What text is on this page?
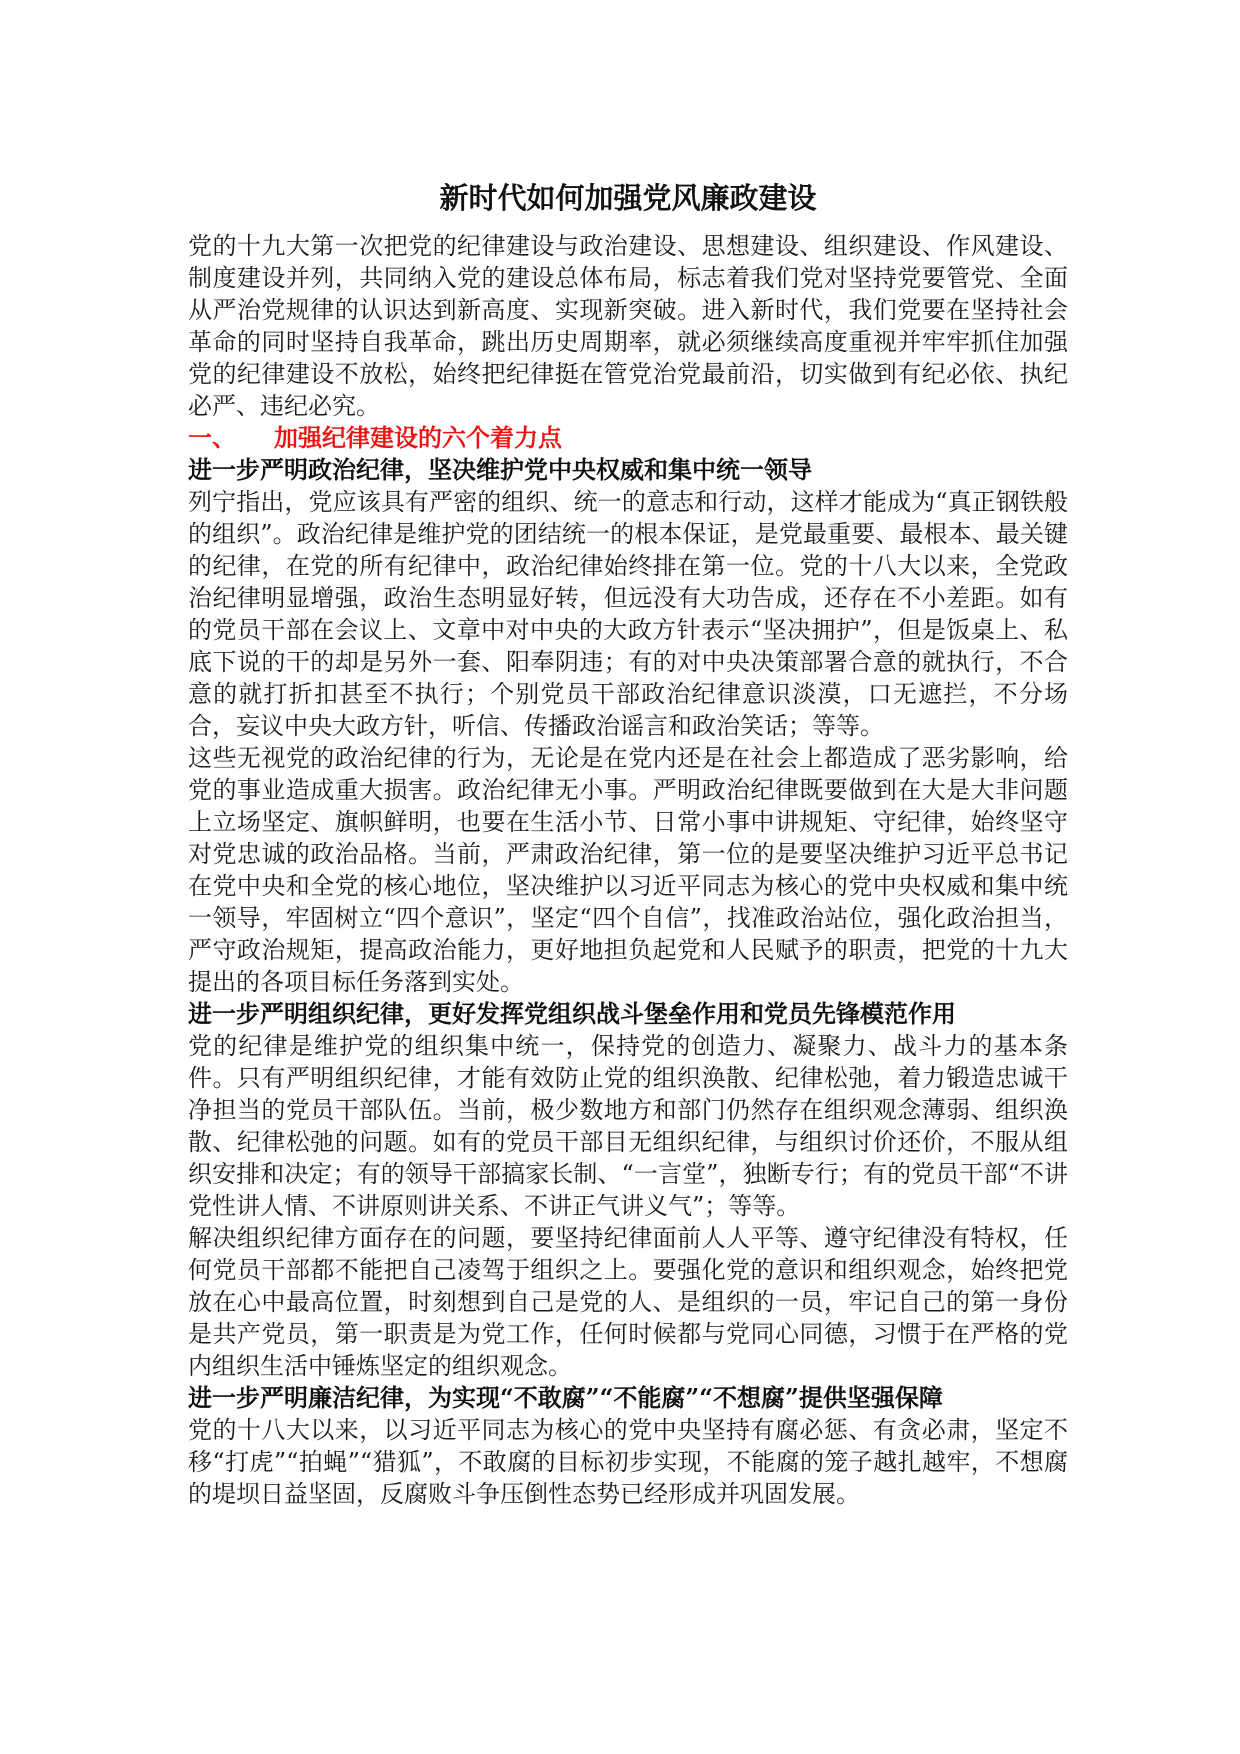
新时代如何加强党风廉政建设

党的十九大第一次把党的纪律建设与政治建设、思想建设、组织建设、作风建设、制度建设并列，共同纳入党的建设总体布局，标志着我们党对坚持党要管党、全面从严治党规律的认识达到新高度、实现新突破。进入新时代，我们党要在坚持社会革命的同时坚持自我革命，跳出历史周期率，就必须继续高度重视并牢牢抓住加强党的纪律建设不放松，始终把纪律挺在管党治党最前沿，切实做到有纪必依、执纪必严、违纪必究。

一、 加强纪律建设的六个着力点

进一步严明政治纪律，坚决维护党中央权威和集中统一领导

列宁指出，党应该具有严密的组织、统一的意志和行动，这样才能成为“真正钢铁般的组织”。政治纪律是维护党的团结统一的根本保证，是党最重要、最根本、最关键的纪律，在党的所有纪律中，政治纪律始终排在第一位。党的十八大以来，全党政治纪律明显增强，政治生态明显好转，但远没有大功告成，还存在不小差距。如有的党员干部在会议上、文章中对中央的大政方针表示“坚决拥护”，但是饭桌上、私底下说的干的却是另外一套、阳奉阴违；有的对中央决策部署合意的就执行，不合意的就打折扣甚至不执行；个别党员干部政治纪律意识淡漠，口无遮拦，不分场合，妄议中央大政方针，听信、传播政治谣言和政治笑话；等等。

这些无视党的政治纪律的行为，无论是在党内还是在社会上都造成了恶劣影响，给党的事业造成重大损害。政治纪律无小事。严明政治纪律既要做到在大是大非问题上立场坚定、旗帜鲜明，也要在生活小节、日常小事中讲规矩、守纪律，始终坚守对党忠诚的政治品格。当前，严肃政治纪律，第一位的是要坚决维护习近平总书记在党中央和全党的核心地位，坚决维护以习近平同志为核心的党中央权威和集中统一领导，牢固树立“四个意识”，坚定“四个自信”，找准政治站位，强化政治担当，严守政治规矩，提高政治能力，更好地担负起党和人民赋予的职责，把党的十九大提出的各项目标任务落到实处。

进一步严明组织纪律，更好发挥党组织战斗堡垒作用和党员先锋模范作用

党的纪律是维护党的组织集中统一，保持党的创造力、凝聚力、战斗力的基本条件。只有严明组织纪律，才能有效防止党的组织涣散、纪律松弛，着力锻造忠诚干净担当的党员干部队伍。当前，极少数地方和部门仍然存在组织观念薄弱、组织涣散、纪律松弛的问题。如有的党员干部目无组织纪律，与组织讨价还价，不服从组织安排和决定；有的领导干部搞家长制、“一言堂”，独断专行；有的党员干部“不讲党性讲人情、不讲原则讲关系、不讲正气讲义气”；等等。

解决组织纪律方面存在的问题，要坚持纪律面前人人平等、遵守纪律没有特权，任何党员干部都不能把自己凌驾于组织之上。要强化党的意识和组织观念，始终把党放在心中最高位置，时刻想到自己是党的人、是组织的一员，牢记自己的第一身份是共产党员，第一职责是为党工作，任何时候都与党同心同德，习惯于在严格的党内组织生活中锤炼坚定的组织观念。

进一步严明廉洁纪律，为实现“不敢腐”“不能腐”“不想腐”提供坚强保障

党的十八大以来，以习近平同志为核心的党中央坚持有腐必惩、有贪必肃，坚定不移“打虎”“拍蝇”“猎狐”，不敢腐的目标初步实现，不能腐的笼子越扎越牢，不想腐的堤坝日益坚固，反腐败斗争压倒性态势已经形成并巩固发展。
